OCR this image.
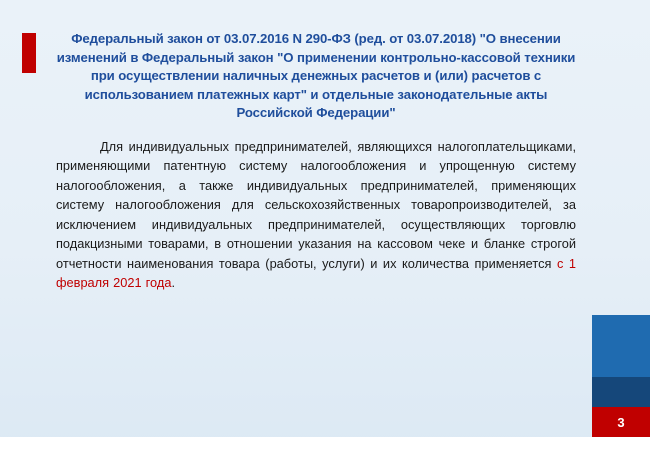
3

Федеральный закон от 03.07.2016 N 290-ФЗ (ред. от 03.07.2018) "О внесении изменений в Федеральный закон "О применении контрольно-кассовой техники при осуществлении наличных денежных расчетов и (или) расчетов с использованием платежных карт" и отдельные законодательные акты Российской Федерации"

Для индивидуальных предпринимателей, являющихся налогоплательщиками, применяющими патентную систему налогообложения и упрощенную систему налогообложения, а также индивидуальных предпринимателей, применяющих систему налогообложения для сельскохозяйственных товаропроизводителей, за исключением индивидуальных предпринимателей, осуществляющих торговлю подакцизными товарами, в отношении указания на кассовом чеке и бланке строгой отчетности наименования товара (работы, услуги) и их количества применяется с 1 февраля 2021 года.
